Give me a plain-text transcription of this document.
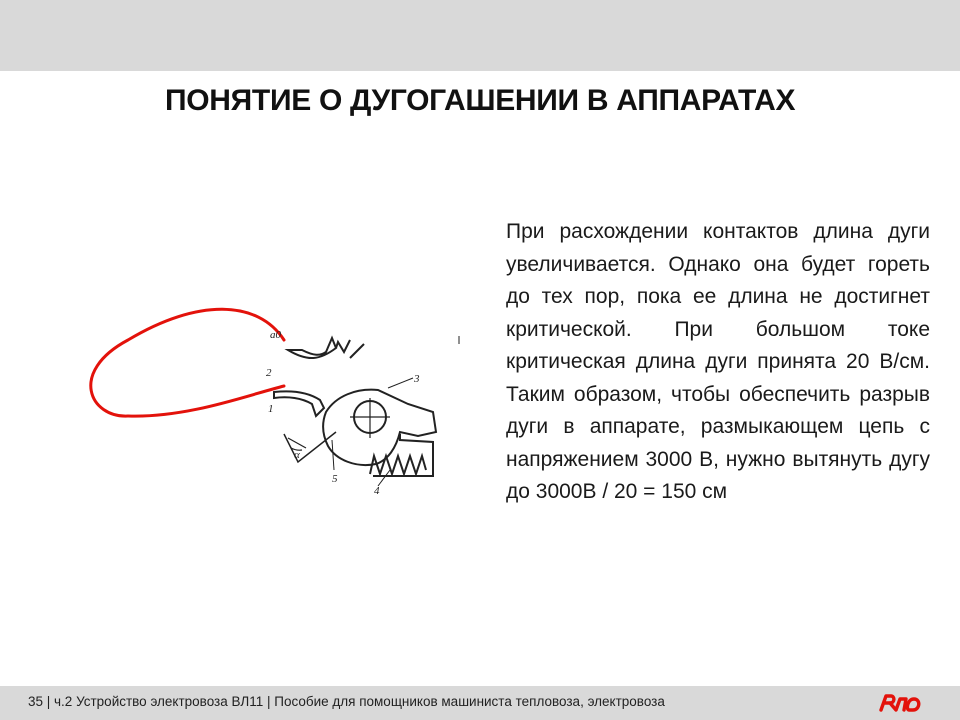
ПОНЯТИЕ О ДУГОГАШЕНИИ В АППАРАТАХ
a0
2
1
3
4
5
α
При расхождении контактов длина дуги увеличивается. Однако она будет гореть до тех пор, пока ее длина не достигнет критической. При большом токе критическая длина дуги принята 20 В/см. Таким образом, чтобы обеспечить разрыв дуги в аппарате, размыкающем цепь с напряжением 3000 В, нужно вытянуть дугу до 3000В / 20 = 150 см
35 | ч.2 Устройство электровоза ВЛ11 | Пособие для помощников машиниста тепловоза, электровоза
